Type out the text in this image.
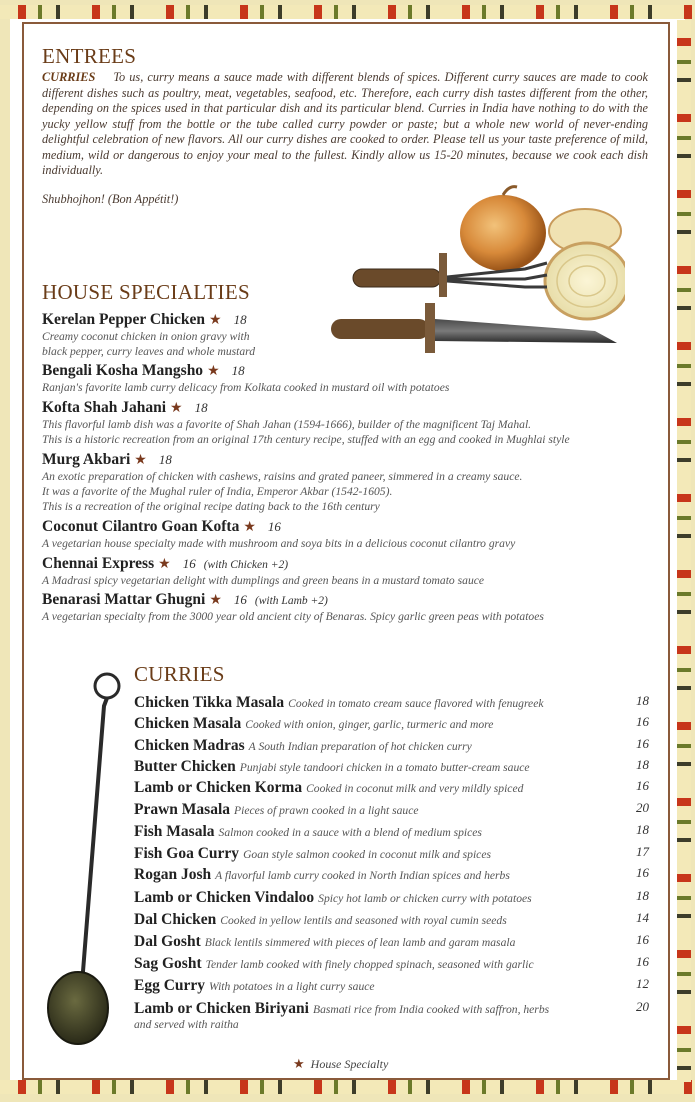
ENTREES
CURRIES To us, curry means a sauce made with different blends of spices. Different curry sauces are made to cook different dishes such as poultry, meat, vegetables, seafood, etc. Therefore, each curry dish tastes different from the other, depending on the spices used in that particular dish and its particular blend. Curries in India have nothing to do with the yucky yellow stuff from the bottle or the tube called curry powder or paste; but a whole new world of never-ending delightful celebration of new flavors. All our curry dishes are cooked to order. Please tell us your taste preference of mild, medium, wild or dangerous to enjoy your meal to the fullest. Kindly allow us 15-20 minutes, because we cook each dish individually.
Shubhojhon! (Bon Appétit!)
HOUSE SPECIALTIES
Kerelan Pepper Chicken ★ 18
Creamy coconut chicken in onion gravy with
black pepper, curry leaves and whole mustard
Bengali Kosha Mangsho ★ 18
Ranjan's favorite lamb curry delicacy from Kolkata cooked in mustard oil with potatoes
Kofta Shah Jahani ★ 18
This flavorful lamb dish was a favorite of Shah Jahan (1594-1666), builder of the magnificent Taj Mahal.
This is a historic recreation from an original 17th century recipe, stuffed with an egg and cooked in Mughlai style
Murg Akbari ★ 18
An exotic preparation of chicken with cashews, raisins and grated paneer, simmered in a creamy sauce.
It was a favorite of the Mughal ruler of India, Emperor Akbar (1542-1605).
This is a recreation of the original recipe dating back to the 16th century
Coconut Cilantro Goan Kofta ★ 16
A vegetarian house specialty made with mushroom and soya bits in a delicious coconut cilantro gravy
Chennai Express ★ 16 (with Chicken +2)
A Madrasi spicy vegetarian delight with dumplings and green beans in a mustard tomato sauce
Benarasi Mattar Ghugni ★ 16 (with Lamb +2)
A vegetarian specialty from the 3000 year old ancient city of Benaras. Spicy garlic green peas with potatoes
CURRIES
Chicken Tikka Masala Cooked in tomato cream sauce flavored with fenugreek	18
Chicken Masala Cooked with onion, ginger, garlic, turmeric and more	16
Chicken Madras A South Indian preparation of hot chicken curry	16
Butter Chicken Punjabi style tandoori chicken in a tomato butter-cream sauce	18
Lamb or Chicken Korma Cooked in coconut milk and very mildly spiced	16
Prawn Masala Pieces of prawn cooked in a light sauce	20
Fish Masala Salmon cooked in a sauce with a blend of medium spices	18
Fish Goa Curry Goan style salmon cooked in coconut milk and spices	17
Rogan Josh A flavorful lamb curry cooked in North Indian spices and herbs	16
Lamb or Chicken Vindaloo Spicy hot lamb or chicken curry with potatoes	18
Dal Chicken Cooked in yellow lentils and seasoned with royal cumin seeds	14
Dal Gosht Black lentils simmered with pieces of lean lamb and garam masala	16
Sag Gosht Tender lamb cooked with finely chopped spinach, seasoned with garlic	16
Egg Curry With potatoes in a light curry sauce	12
Lamb or Chicken Biriyani Basmati rice from India cooked with saffron, herbs	20
and served with raitha
★ House Specialty
